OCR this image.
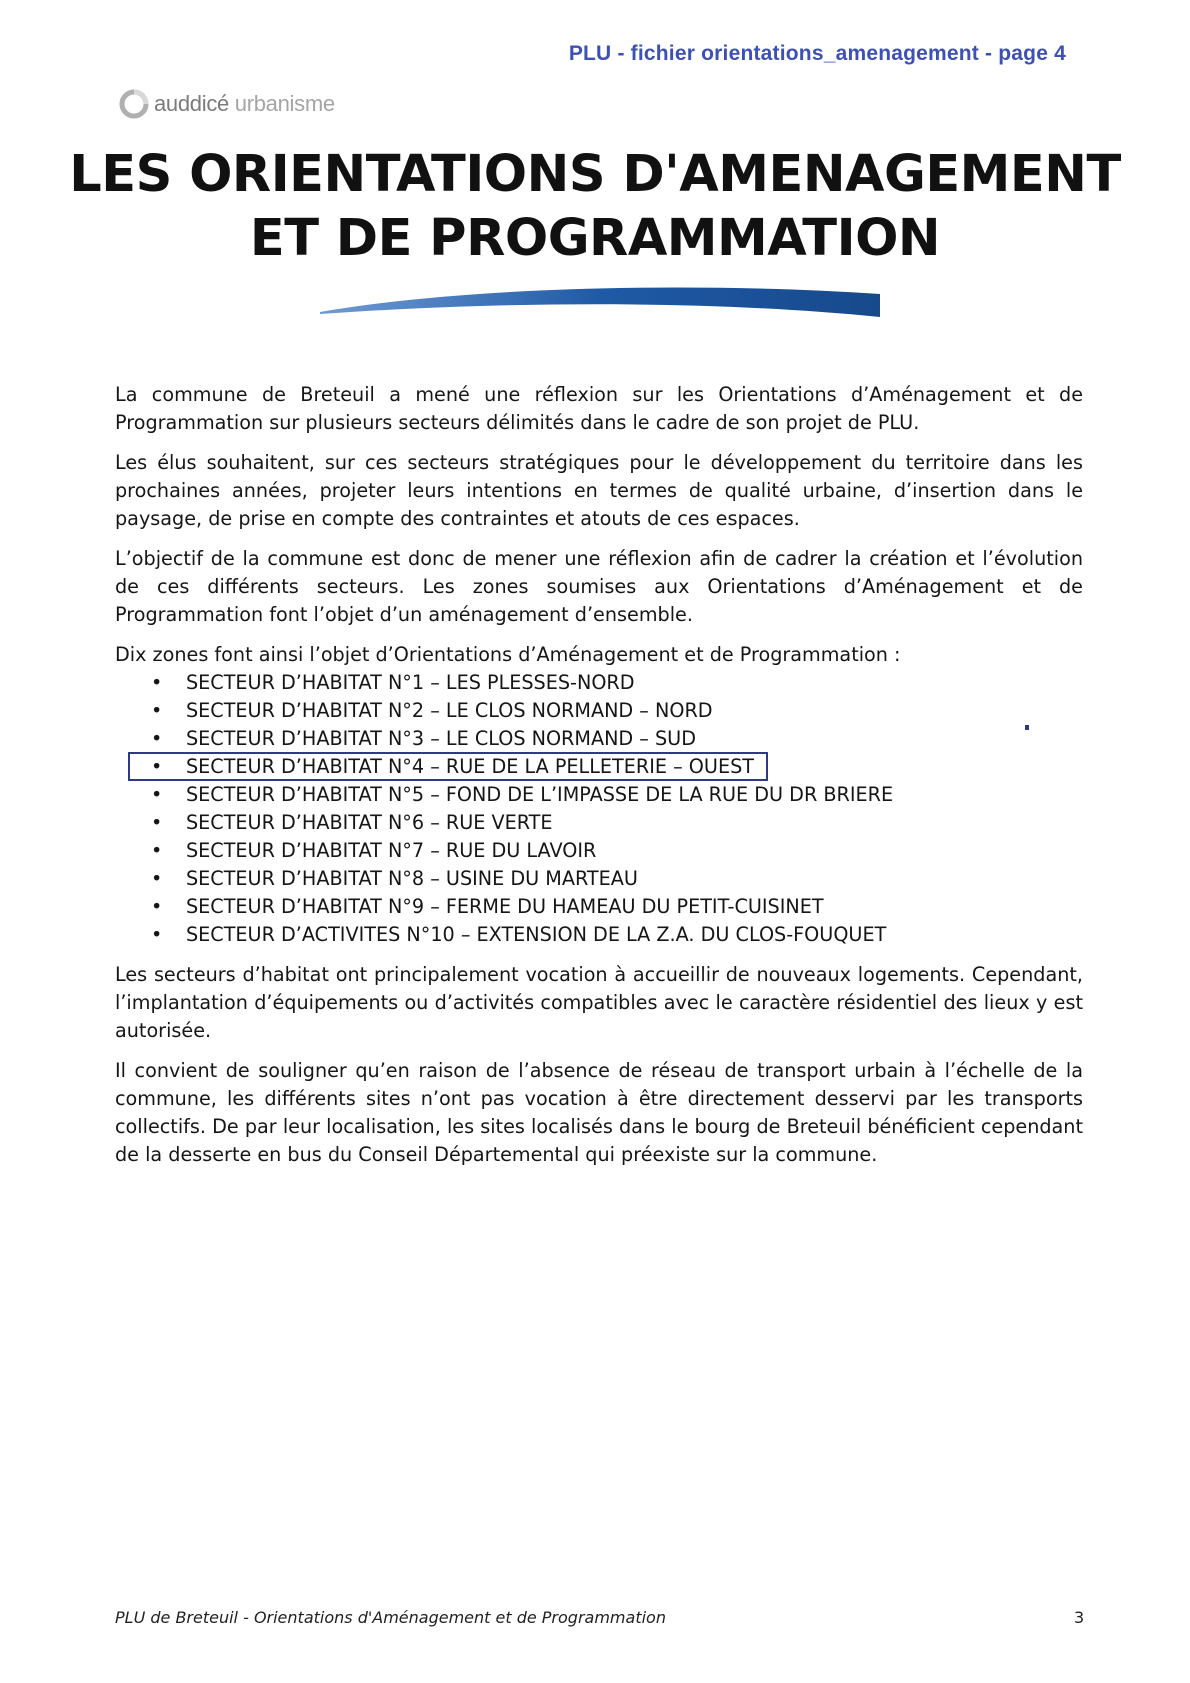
PLU - fichier orientations_amenagement - page 4
auddicé urbanisme
LES ORIENTATIONS D'AMENAGEMENT
ET DE PROGRAMMATION

La commune de Breteuil a mené une réflexion sur les Orientations d’Aménagement et de Programmation sur plusieurs secteurs délimités dans le cadre de son projet de PLU.

Les élus souhaitent, sur ces secteurs stratégiques pour le développement du territoire dans les prochaines années, projeter leurs intentions en termes de qualité urbaine, d’insertion dans le paysage, de prise en compte des contraintes et atouts de ces espaces.

L’objectif de la commune est donc de mener une réflexion afin de cadrer la création et l’évolution de ces différents secteurs. Les zones soumises aux Orientations d’Aménagement et de Programmation font l’objet d’un aménagement d’ensemble.

Dix zones font ainsi l’objet d’Orientations d’Aménagement et de Programmation :

• SECTEUR D’HABITAT N°1 – LES PLESSES-NORD
• SECTEUR D’HABITAT N°2 – LE CLOS NORMAND – NORD
• SECTEUR D’HABITAT N°3 – LE CLOS NORMAND – SUD
• SECTEUR D’HABITAT N°4 – RUE DE LA PELLETERIE – OUEST
• SECTEUR D’HABITAT N°5 – FOND DE L’IMPASSE DE LA RUE DU DR BRIERE
• SECTEUR D’HABITAT N°6 – RUE VERTE
• SECTEUR D’HABITAT N°7 – RUE DU LAVOIR
• SECTEUR D’HABITAT N°8 – USINE DU MARTEAU
• SECTEUR D’HABITAT N°9 – FERME DU HAMEAU DU PETIT-CUISINET
• SECTEUR D’ACTIVITES N°10 – EXTENSION DE LA Z.A. DU CLOS-FOUQUET

Les secteurs d’habitat ont principalement vocation à accueillir de nouveaux logements. Cependant, l’implantation d’équipements ou d’activités compatibles avec le caractère résidentiel des lieux y est autorisée.

Il convient de souligner qu’en raison de l’absence de réseau de transport urbain à l’échelle de la commune, les différents sites n’ont pas vocation à être directement desservi par les transports collectifs. De par leur localisation, les sites localisés dans le bourg de Breteuil bénéficient cependant de la desserte en bus du Conseil Départemental qui préexiste sur la commune.

PLU de Breteuil - Orientations d'Aménagement et de Programmation	3
